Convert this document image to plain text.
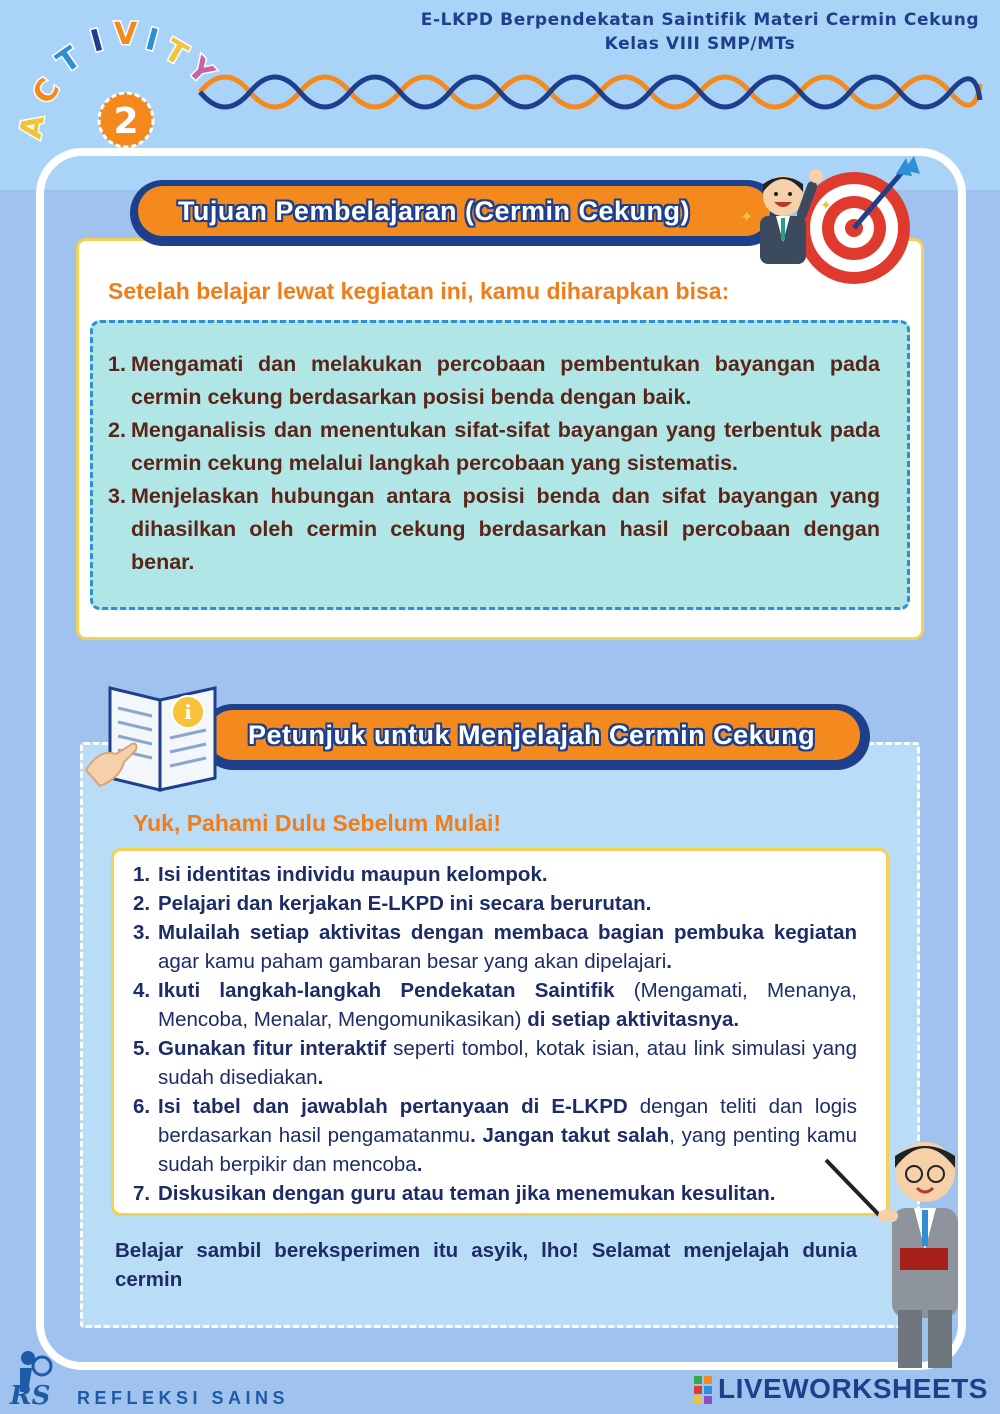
A
C
T I V I
T
Y
2
E-LKPD Berpendekatan Saintifik Materi Cermin Cekung
Kelas VIII SMP/MTs
Tujuan Pembelajaran (Cermin Cekung)	✦
✦
Setelah belajar lewat kegiatan ini, kamu diharapkan bisa:
1. Mengamati dan melakukan percobaan pembentukan bayangan pada cermin cekung berdasarkan posisi benda dengan baik.
2. Menganalisis dan menentukan sifat-sifat bayangan yang terbentuk pada cermin cekung melalui langkah percobaan yang sistematis.
3. Menjelaskan hubungan antara posisi benda dan sifat bayangan yang dihasilkan oleh cermin cekung berdasarkan hasil percobaan dengan benar.
Petunjuk untuk Menjelajah Cermin Cekung
i
Yuk, Pahami Dulu Sebelum Mulai!
1. Isi identitas individu maupun kelompok.
2. Pelajari dan kerjakan E-LKPD ini secara berurutan.
3. Mulailah setiap aktivitas dengan membaca bagian pembuka kegiatan agar kamu paham gambaran besar yang akan dipelajari.
4. Ikuti langkah-langkah Pendekatan Saintifik (Mengamati, Menanya, Mencoba, Menalar, Mengomunikasikan) di setiap aktivitasnya.
5. Gunakan fitur interaktif seperti tombol, kotak isian, atau link simulasi yang sudah disediakan.
6. Isi tabel dan jawablah pertanyaan di E-LKPD dengan teliti dan logis berdasarkan hasil pengamatanmu. Jangan takut salah, yang penting kamu sudah berpikir dan mencoba.
7. Diskusikan dengan guru atau teman jika menemukan kesulitan.
Belajar sambil bereksperimen itu asyik, lho! Selamat menjelajah dunia cermin
RS REFLEKSI SAINS	LIVEWORKSHEETS
